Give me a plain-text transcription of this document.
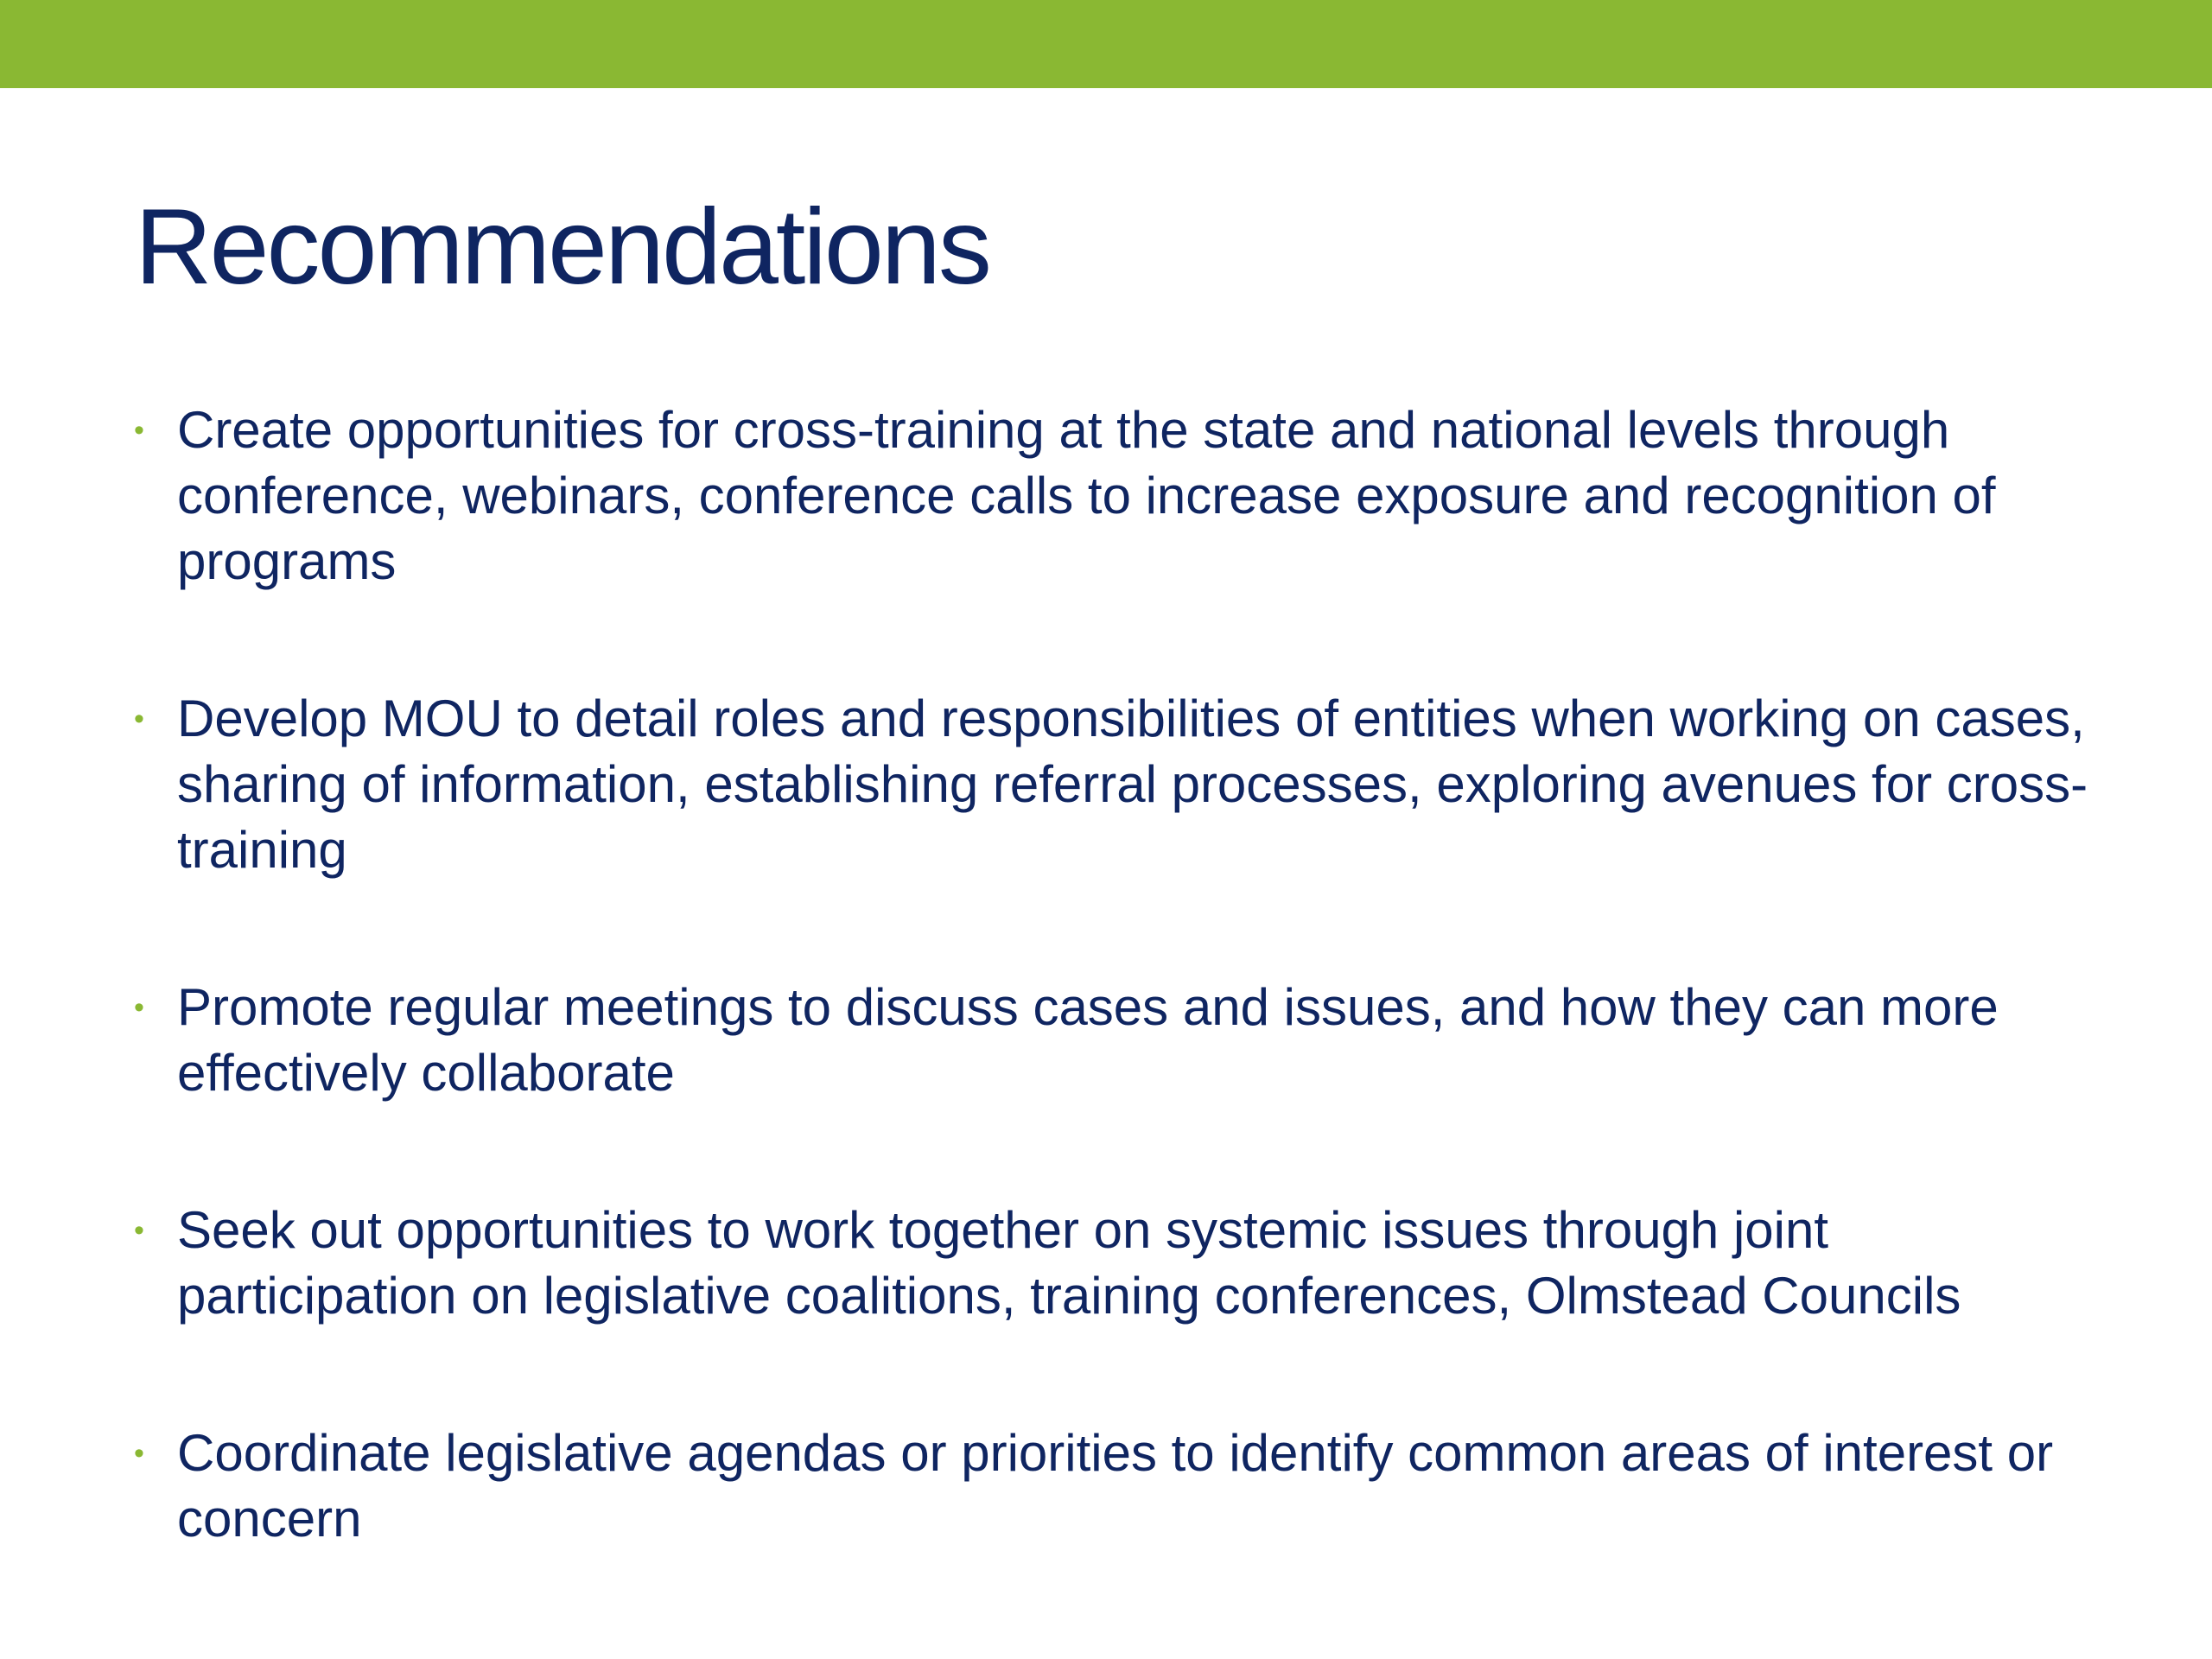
Recommendations
• Create opportunities for cross-training at the state and national levels through conference, webinars, conference calls to increase exposure and recognition of programs
• Develop MOU to detail roles and responsibilities of entities when working on cases, sharing of information, establishing referral processes, exploring avenues for cross-training
• Promote regular meetings to discuss cases and issues, and how they can more effectively collaborate
• Seek out opportunities to work together on systemic issues through joint participation on legislative coalitions, training conferences, Olmstead Councils
• Coordinate legislative agendas or priorities to identify common areas of interest or concern
